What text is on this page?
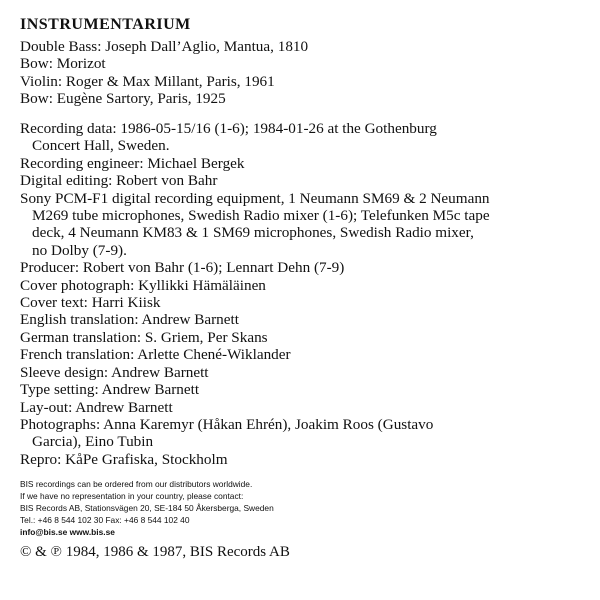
INSTRUMENTARIUM
Double Bass: Joseph Dall’Aglio, Mantua, 1810
Bow: Morizot
Violin: Roger & Max Millant, Paris, 1961
Bow: Eugène Sartory, Paris, 1925
Recording data: 1986-05-15/16 (1-6); 1984-01-26 at the Gothenburg
Concert Hall, Sweden.
Recording engineer: Michael Bergek
Digital editing: Robert von Bahr
Sony PCM-F1 digital recording equipment, 1 Neumann SM69 & 2 Neumann
M269 tube microphones, Swedish Radio mixer (1-6); Telefunken M5c tape
deck, 4 Neumann KM83 & 1 SM69 microphones, Swedish Radio mixer,
no Dolby (7-9).
Producer: Robert von Bahr (1-6); Lennart Dehn (7-9)
Cover photograph: Kyllikki Hämäläinen
Cover text: Harri Kiisk
English translation: Andrew Barnett
German translation: S. Griem, Per Skans
French translation: Arlette Chené-Wiklander
Sleeve design: Andrew Barnett
Type setting: Andrew Barnett
Lay-out: Andrew Barnett
Photographs: Anna Karemyr (Håkan Ehrén), Joakim Roos (Gustavo
Garcia), Eino Tubin
Repro: KåPe Grafiska, Stockholm
BIS recordings can be ordered from our distributors worldwide.
If we have no representation in your country, please contact:
BIS Records AB, Stationsvägen 20, SE-184 50 Åkersberga, Sweden
Tel.: +46 8 544 102 30 Fax: +46 8 544 102 40
info@bis.se www.bis.se
© & ℗ 1984, 1986 & 1987, BIS Records AB
